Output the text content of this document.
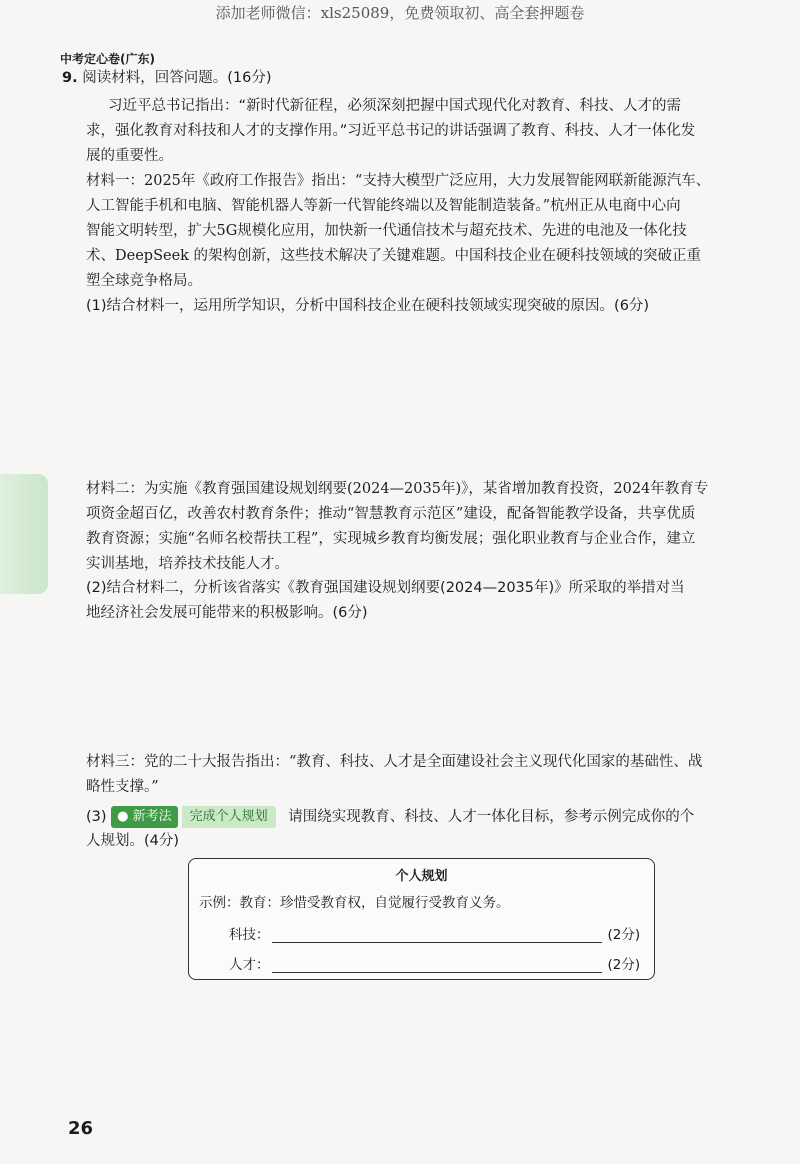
添加老师微信：xls25089，免费领取初、高全套押题卷
中考定心卷(广东)
9. 阅读材料，回答问题。(16分)
习近平总书记指出：“新时代新征程，必须深刻把握中国式现代化对教育、科技、人才的需
求，强化教育对科技和人才的支撑作用。”习近平总书记的讲话强调了教育、科技、人才一体化发
展的重要性。
材料一：2025年《政府工作报告》指出：“支持大模型广泛应用，大力发展智能网联新能源汽车、
人工智能手机和电脑、智能机器人等新一代智能终端以及智能制造装备。”杭州正从电商中心向
智能文明转型，扩大5G规模化应用，加快新一代通信技术与超充技术、先进的电池及一体化技
术、DeepSeek 的架构创新，这些技术解决了关键难题。中国科技企业在硬科技领域的突破正重
塑全球竞争格局。
(1)结合材料一，运用所学知识，分析中国科技企业在硬科技领域实现突破的原因。(6分)
材料二：为实施《教育强国建设规划纲要(2024—2035年)》，某省增加教育投资，2024年教育专
项资金超百亿，改善农村教育条件；推动“智慧教育示范区”建设，配备智能教学设备，共享优质
教育资源；实施“名师名校帮扶工程”，实现城乡教育均衡发展；强化职业教育与企业合作，建立
实训基地，培养技术技能人才。
(2)结合材料二，分析该省落实《教育强国建设规划纲要(2024—2035年)》所采取的举措对当
地经济社会发展可能带来的积极影响。(6分)
材料三：党的二十大报告指出：“教育、科技、人才是全面建设社会主义现代化国家的基础性、战
略性支撑。”
(3) ● 新考法 完成个人规划 请围绕实现教育、科技、人才一体化目标，参考示例完成你的个
人规划。(4分)
个人规划
示例：教育：珍惜受教育权，自觉履行受教育义务。
科技：	(2分)
人才：	(2分)
26
